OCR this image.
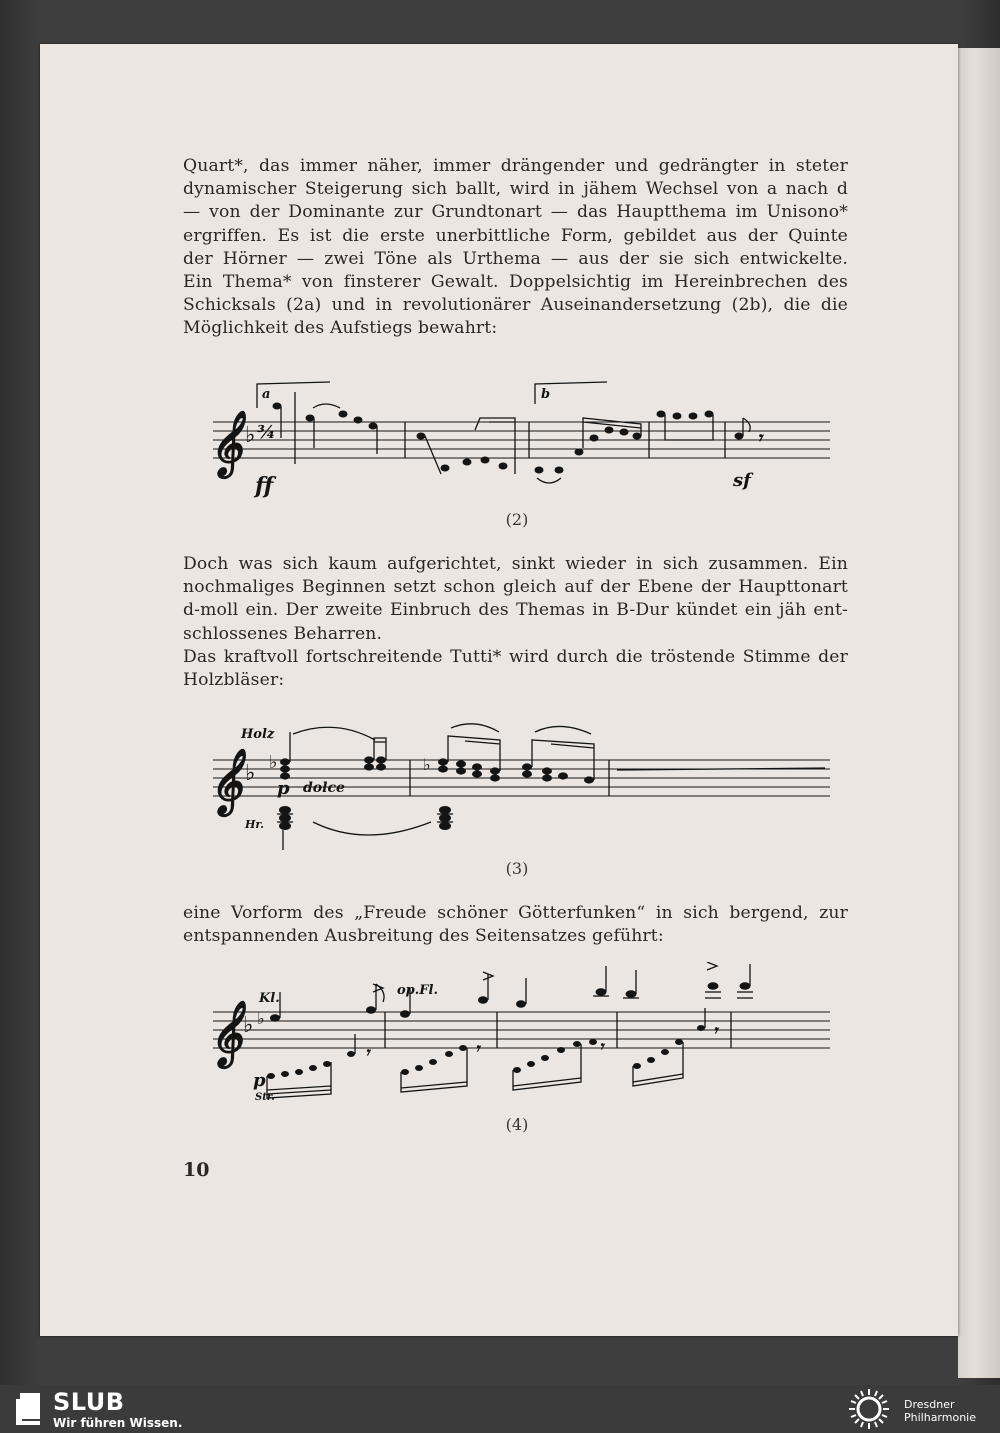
Quart*, das immer näher, immer drängender und gedrängter in steter
dynamischer Steigerung sich ballt, wird in jähem Wechsel von a nach d
— von der Dominante zur Grundtonart — das Hauptthema im Unisono*
ergriffen. Es ist die erste unerbittliche Form, gebildet aus der Quinte
der Hörner — zwei Töne als Urthema — aus der sie sich entwickelte.
Ein Thema* von finsterer Gewalt. Doppelsichtig im Hereinbrechen des
Schicksals (2a) und in revolutionärer Auseinandersetzung (2b), die die
Möglichkeit des Aufstiegs bewahrt:

𝄞 ♭ ¾
a	b
𝄾
ff	sf
(2)

Doch was sich kaum aufgerichtet, sinkt wieder in sich zusammen. Ein
nochmaliges Beginnen setzt schon gleich auf der Ebene der Haupttonart
d-moll ein. Der zweite Einbruch des Themas in B-Dur kündet ein jäh ent-
schlossenes Beharren.
Das kraftvoll fortschreitende Tutti* wird durch die tröstende Stimme der
Holzbläser:

Holz
𝄞 ♭ ♭
p dolce
♭
Hr.
(3)

eine Vorform des „Freude schöner Götterfunken“ in sich bergend, zur
entspannenden Ausbreitung des Seitensatzes geführt:

Kl.
op.Fl.
𝄞 ♭ ♭
𝄾	𝄾	𝄾
𝄾
p
Str.
(4)
10
SLUB
Wir führen Wissen.
Dresdner
Philharmonie
